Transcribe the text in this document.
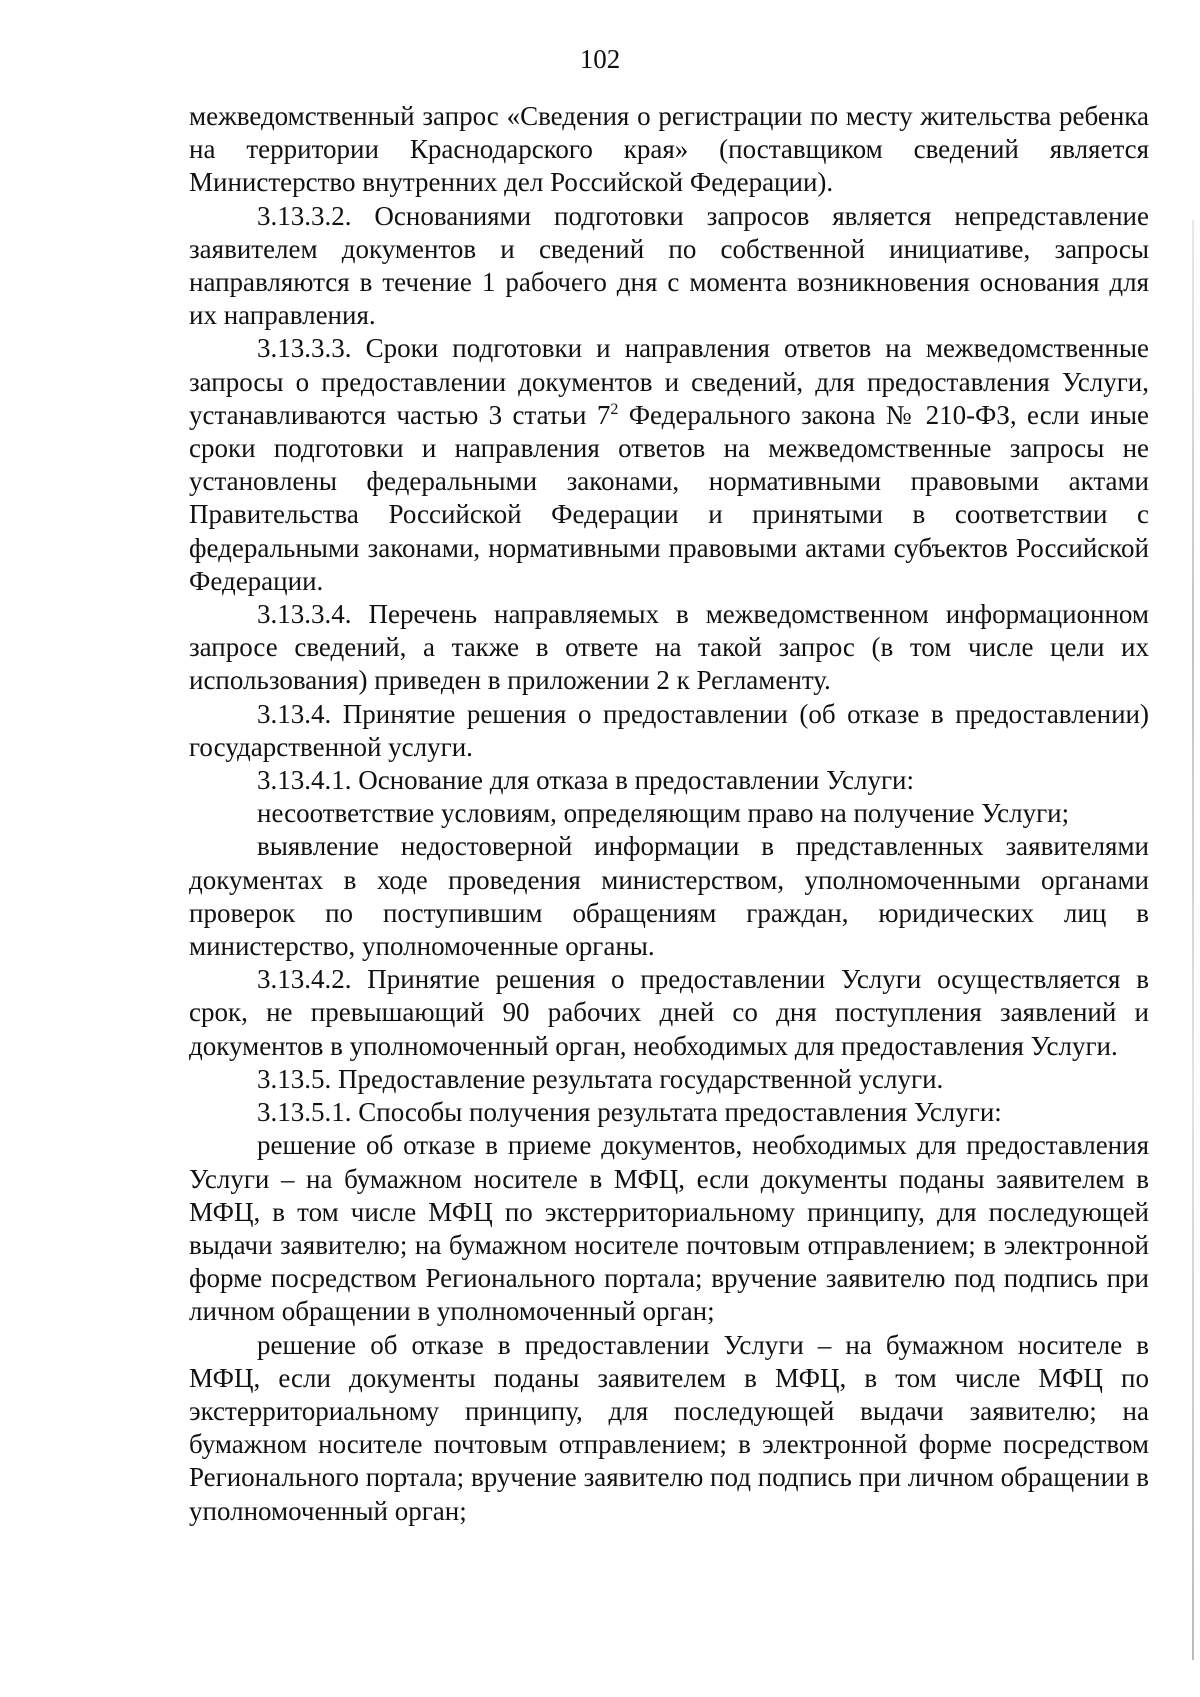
102

межведомственный запрос «Сведения о регистрации по месту жительства ребенка на территории Краснодарского края» (поставщиком сведений является Министерство внутренних дел Российской Федерации).

3.13.3.2. Основаниями подготовки запросов является непредставление заявителем документов и сведений по собственной инициативе, запросы направляются в течение 1 рабочего дня с момента возникновения основания для их направления.

3.13.3.3. Сроки подготовки и направления ответов на межведомственные запросы о предоставлении документов и сведений, для предоставления Услуги, устанавливаются частью 3 статьи $7^2$ Федерального закона № 210-ФЗ, если иные сроки подготовки и направления ответов на межведомственные запросы не установлены федеральными законами, нормативными правовыми актами Правительства Российской Федерации и принятыми в соответствии с федеральными законами, нормативными правовыми актами субъектов Российской Федерации.

3.13.3.4. Перечень направляемых в межведомственном информационном запросе сведений, а также в ответе на такой запрос (в том числе цели их использования) приведен в приложении 2 к Регламенту.

3.13.4. Принятие решения о предоставлении (об отказе в предоставлении) государственной услуги.

3.13.4.1. Основание для отказа в предоставлении Услуги:

несоответствие условиям, определяющим право на получение Услуги;

выявление недостоверной информации в представленных заявителями документах в ходе проведения министерством, уполномоченными органами проверок по поступившим обращениям граждан, юридических лиц в министерство, уполномоченные органы.

3.13.4.2. Принятие решения о предоставлении Услуги осуществляется в срок, не превышающий 90 рабочих дней со дня поступления заявлений и документов в уполномоченный орган, необходимых для предоставления Услуги.

3.13.5. Предоставление результата государственной услуги.

3.13.5.1. Способы получения результата предоставления Услуги:

решение об отказе в приеме документов, необходимых для предоставления Услуги – на бумажном носителе в МФЦ, если документы поданы заявителем в МФЦ, в том числе МФЦ по экстерриториальному принципу, для последующей выдачи заявителю; на бумажном носителе почтовым отправлением; в электронной форме посредством Регионального портала; вручение заявителю под подпись при личном обращении в уполномоченный орган;

решение об отказе в предоставлении Услуги – на бумажном носителе в МФЦ, если документы поданы заявителем в МФЦ, в том числе МФЦ по экстерриториальному принципу, для последующей выдачи заявителю; на бумажном носителе почтовым отправлением; в электронной форме посредством Регионального портала; вручение заявителю под подпись при личном обращении в уполномоченный орган;
